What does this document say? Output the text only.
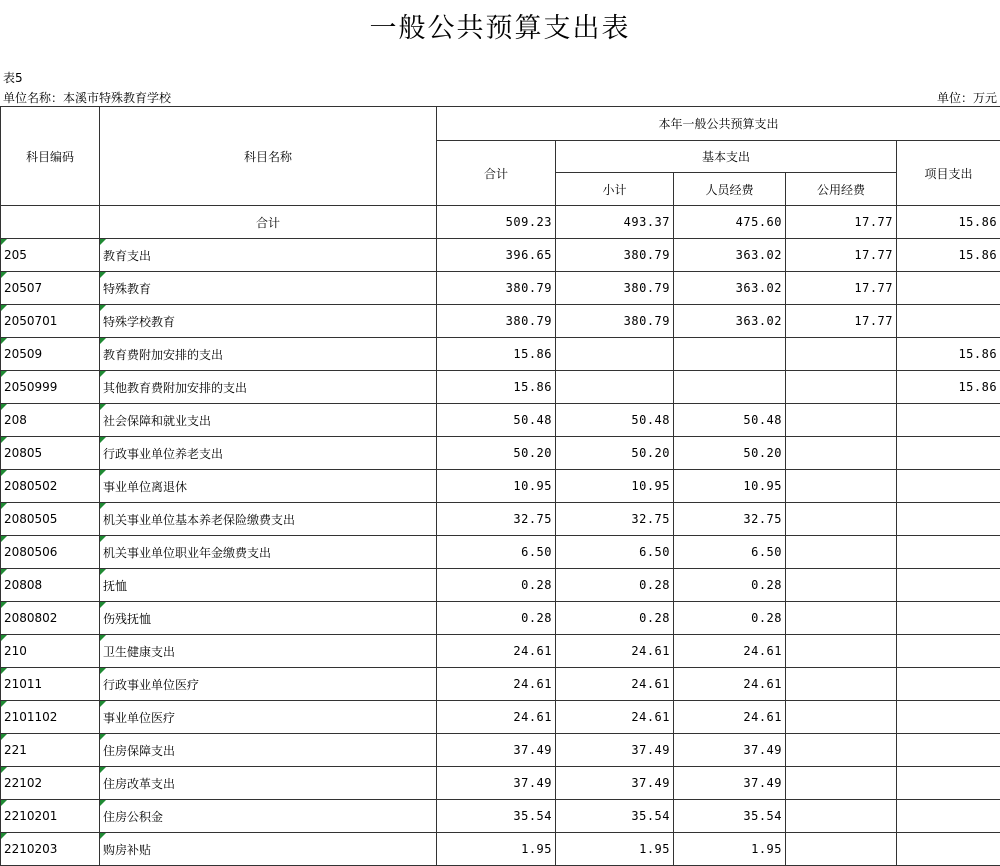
一般公共预算支出表
表5
单位名称：本溪市特殊教育学校	单位：万元
科目编码	科目名称	本年一般公共预算支出				
		合计	基本支出			项目支出
			小计	人员经费	公用经费	
	合计	509.23	493.37	475.60	17.77	15.86
205	教育支出	396.65	380.79	363.02	17.77	15.86
20507	特殊教育	380.79	380.79	363.02	17.77	
2050701	特殊学校教育	380.79	380.79	363.02	17.77	
20509	教育费附加安排的支出	15.86				15.86
2050999	其他教育费附加安排的支出	15.86				15.86
208	社会保障和就业支出	50.48	50.48	50.48		
20805	行政事业单位养老支出	50.20	50.20	50.20		
2080502	事业单位离退休	10.95	10.95	10.95		
2080505	机关事业单位基本养老保险缴费支出	32.75	32.75	32.75		
2080506	机关事业单位职业年金缴费支出	6.50	6.50	6.50		
20808	抚恤	0.28	0.28	0.28		
2080802	伤残抚恤	0.28	0.28	0.28		
210	卫生健康支出	24.61	24.61	24.61		
21011	行政事业单位医疗	24.61	24.61	24.61		
2101102	事业单位医疗	24.61	24.61	24.61		
221	住房保障支出	37.49	37.49	37.49		
22102	住房改革支出	37.49	37.49	37.49		
2210201	住房公积金	35.54	35.54	35.54		
2210203	购房补贴	1.95	1.95	1.95		
